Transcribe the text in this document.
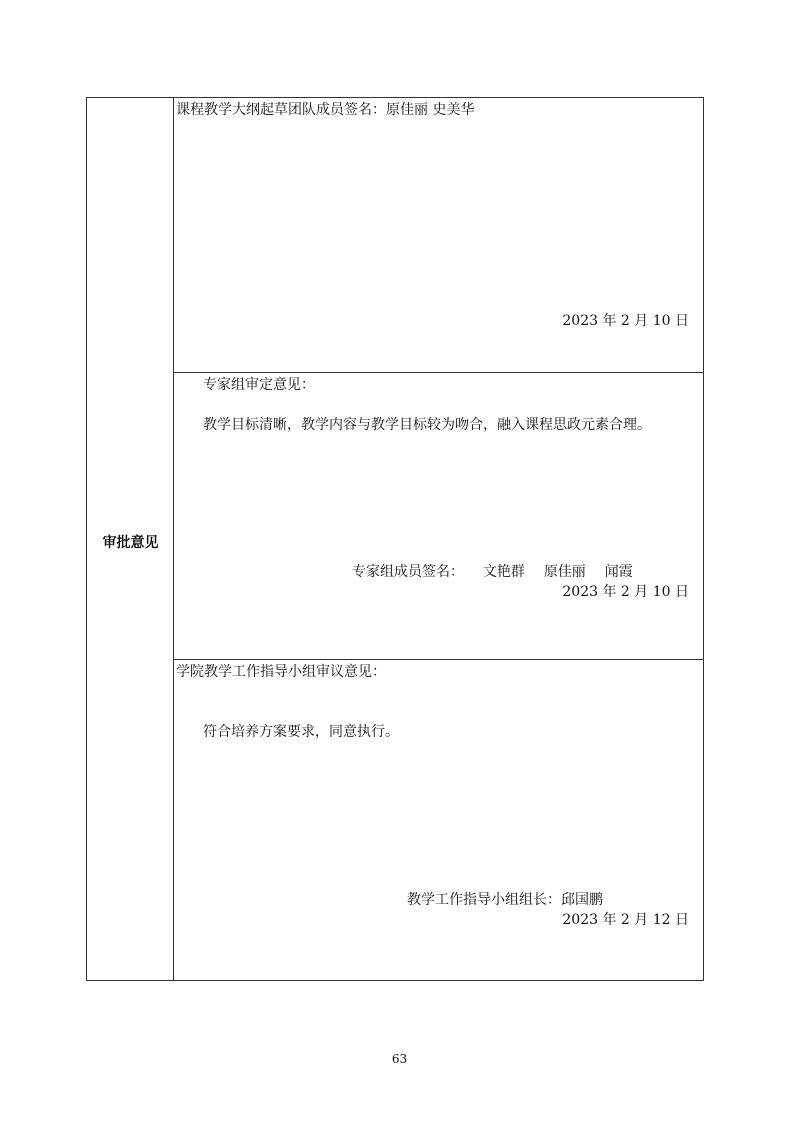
审批意见
课程教学大纲起草团队成员签名：原佳丽 史美华
2023 年 2 月 10 日
专家组审定意见：
教学目标清晰，教学内容与教学目标较为吻合，融入课程思政元素合理。
专家组成员签名： 文艳群 原佳丽 闻霞
2023 年 2 月 10 日
学院教学工作指导小组审议意见：
符合培养方案要求，同意执行。
教学工作指导小组组长：邱国鹏
2023 年 2 月 12 日
63
